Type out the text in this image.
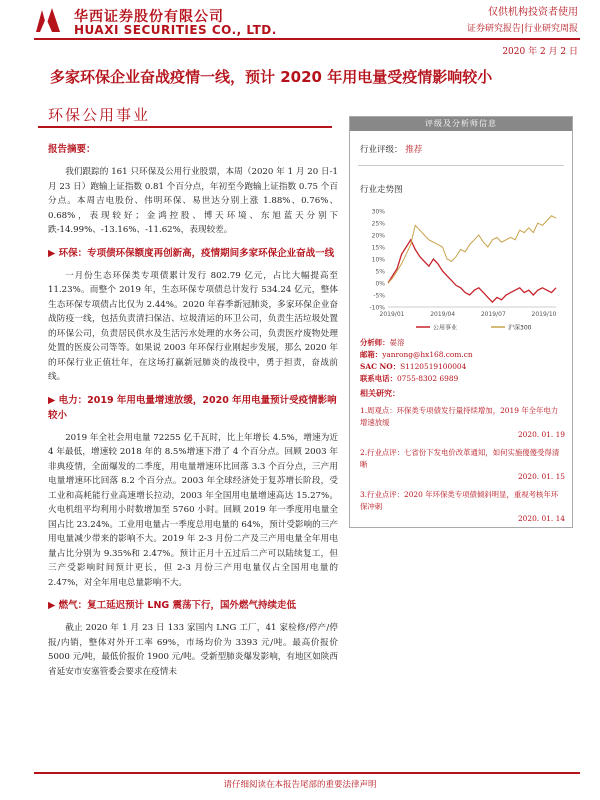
华西证券股份有限公司
HUAXI SECURITIES CO., LTD.
仅供机构投资者使用
证券研究报告|行业研究周报
2020 年 2 月 2 日
多家环保企业奋战疫情一线，预计 2020 年用电量受疫情影响较小
环保公用事业
报告摘要：

我们跟踪的 161 只环保及公用行业股票，本周（2020 年 1 月 20 日-1 月 23 日）跑输上证指数 0.81 个百分点，年初至今跑输上证指数 0.75 个百分点。本周吉电股份、伟明环保、易世达分别上涨 1.88%、0.76%、0.68%，表现较好；金鸿控股、博天环境、东旭蓝天分别下跌-14.99%、-13.16%、-11.62%，表现较差。

▶ 环保：专项债环保额度再创新高，疫情期间多家环保企业奋战一线

一月份生态环保类专项债累计发行 802.79 亿元，占比大幅提高至 11.23%。而整个 2019 年，生态环保专项债总计发行 534.24 亿元，整体生态环保专项债占比仅为 2.44%。2020 年春季新冠肺炎，多家环保企业奋战防疫一线，包括负责清扫保洁、垃圾清运的环卫公司，负责生活垃圾处置的环保公司，负责居民供水及生活污水处理的水务公司，负责医疗废物处理处置的医废公司等等。如果说 2003 年环保行业刚起步发展，那么 2020 年的环保行业正值壮年，在这场打赢新冠肺炎的战役中，勇于担责，奋战前线。

▶ 电力：2019 年用电量增速放缓，2020 年用电量预计受疫情影响较小

2019 年全社会用电量 72255 亿千瓦时，比上年增长 4.5%，增速为近 4 年最低，增速较 2018 年的 8.5%增速下滑了 4 个百分点。回顾 2003 年非典疫情，全面爆发的二季度，用电量增速环比回落 3.3 个百分点，三产用电量增速环比回落 8.2 个百分点。2003 年全球经济处于复苏增长阶段，受工业和高耗能行业高速增长拉动，2003 年全国用电量增速高达 15.27%。火电机组平均利用小时数增加至 5760 小时。回顾 2019 年一季度用电量全国占比 23.24%。工业用电量占一季度总用电量的 64%，预计受影响的三产用电量减少带来的影响不大。2019 年 2-3 月份二产及三产用电量全年用电量占比分别为 9.35%和 2.47%。预计正月十五过后二产可以陆续复工，但三产受影响时间预计更长，但 2-3 月份三产用电量仅占全国用电量的 2.47%，对全年用电总量影响不大。

▶ 燃气：复工延迟预计 LNG 震荡下行，国外燃气持续走低

截止 2020 年 1 月 23 日 133 家国内 LNG 工厂，41 家检修/停产/停报/内销，整体对外开工率 69%，市场均价为 3393 元/吨。最高价报价 5000 元/吨，最低价报价 1900 元/吨。受新型肺炎爆发影响，有地区如陕西省延安市安塞管委会要求在疫情未

评级及分析师信息
行业评级： 推荐
行业走势图
-10%
-5%
0%
5%
10%
15%
20%
25%
30%
2019/01	2019/04	2019/07	2019/10
公用事业	沪深300
分析师：晏溶
邮箱：yanrong@hx168.com.cn
SAC NO：S1120519100004
联系电话：0755-8302 6989
相关研究：
1.周观点：环保类专项债发行量持续增加，2019 年全年电力增速放缓
2020. 01. 19
2.行业点评：七省份下发电价改革通知，如何实施傻傻受得清晰
2020. 01. 15
3.行业点评：2020 年环保类专项债倾斜明显，重视考核年环保冲刺
2020. 01. 14
请仔细阅读在本报告尾部的重要法律声明
